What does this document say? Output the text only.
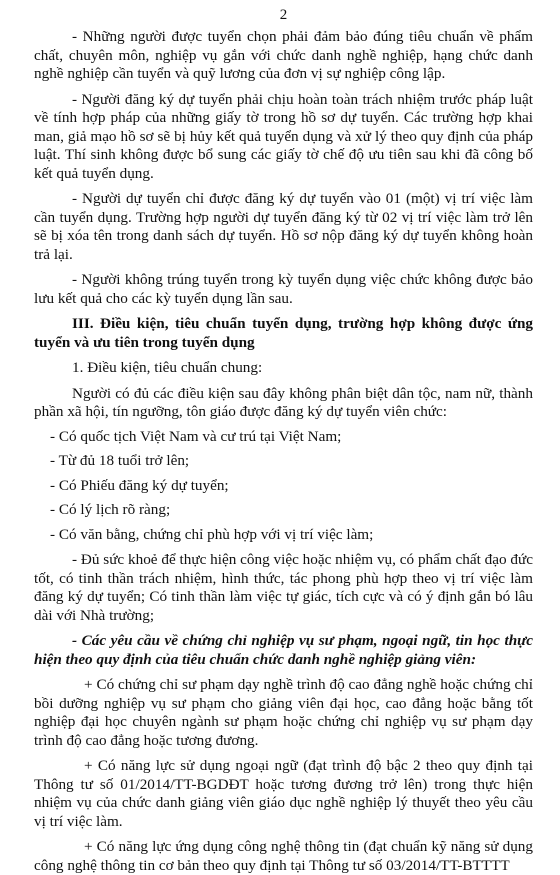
2

- Những người được tuyển chọn phải đảm bảo đúng tiêu chuẩn về phẩm chất, chuyên môn, nghiệp vụ gắn với chức danh nghề nghiệp, hạng chức danh nghề nghiệp cần tuyển và quỹ lương của đơn vị sự nghiệp công lập.

- Người đăng ký dự tuyển phải chịu hoàn toàn trách nhiệm trước pháp luật về tính hợp pháp của những giấy tờ trong hồ sơ dự tuyển. Các trường hợp khai man, giả mạo hồ sơ sẽ bị hủy kết quả tuyển dụng và xử lý theo quy định của pháp luật. Thí sinh không được bổ sung các giấy tờ chế độ ưu tiên sau khi đã công bố kết quả tuyển dụng.

- Người dự tuyển chỉ được đăng ký dự tuyển vào 01 (một) vị trí việc làm cần tuyển dụng. Trường hợp người dự tuyển đăng ký từ 02 vị trí việc làm trở lên sẽ bị xóa tên trong danh sách dự tuyển. Hồ sơ nộp đăng ký dự tuyển không hoàn trả lại.

- Người không trúng tuyển trong kỳ tuyển dụng việc chức không được bảo lưu kết quả cho các kỳ tuyển dụng lần sau.

III. Điều kiện, tiêu chuẩn tuyển dụng, trường hợp không được ứng tuyển và ưu tiên trong tuyển dụng

1. Điều kiện, tiêu chuẩn chung:

Người có đủ các điều kiện sau đây không phân biệt dân tộc, nam nữ, thành phần xã hội, tín ngưỡng, tôn giáo được đăng ký dự tuyển viên chức:

- Có quốc tịch Việt Nam và cư trú tại Việt Nam;

- Từ đủ 18 tuổi trở lên;

- Có Phiếu đăng ký dự tuyển;

- Có lý lịch rõ ràng;

- Có văn bằng, chứng chỉ phù hợp với vị trí việc làm;

- Đủ sức khoẻ để thực hiện công việc hoặc nhiệm vụ, có phẩm chất đạo đức tốt, có tinh thần trách nhiệm, hình thức, tác phong phù hợp theo vị trí việc làm đăng ký dự tuyển; Có tinh thần làm việc tự giác, tích cực và có ý định gắn bó lâu dài với Nhà trường;

- Các yêu cầu về chứng chỉ nghiệp vụ sư phạm, ngoại ngữ, tin học thực hiện theo quy định của tiêu chuẩn chức danh nghề nghiệp giảng viên:

+ Có chứng chỉ sư phạm dạy nghề trình độ cao đẳng nghề hoặc chứng chỉ bồi dưỡng nghiệp vụ sư phạm cho giảng viên đại học, cao đẳng hoặc bằng tốt nghiệp đại học chuyên ngành sư phạm hoặc chứng chỉ nghiệp vụ sư phạm dạy trình độ cao đẳng hoặc tương đương.

+ Có năng lực sử dụng ngoại ngữ (đạt trình độ bậc 2 theo quy định tại Thông tư số 01/2014/TT-BGDĐT hoặc tương đương trở lên) trong thực hiện nhiệm vụ của chức danh giảng viên giáo dục nghề nghiệp lý thuyết theo yêu cầu vị trí việc làm.

+ Có năng lực ứng dụng công nghệ thông tin (đạt chuẩn kỹ năng sử dụng công nghệ thông tin cơ bản theo quy định tại Thông tư số 03/2014/TT-BTTTT
